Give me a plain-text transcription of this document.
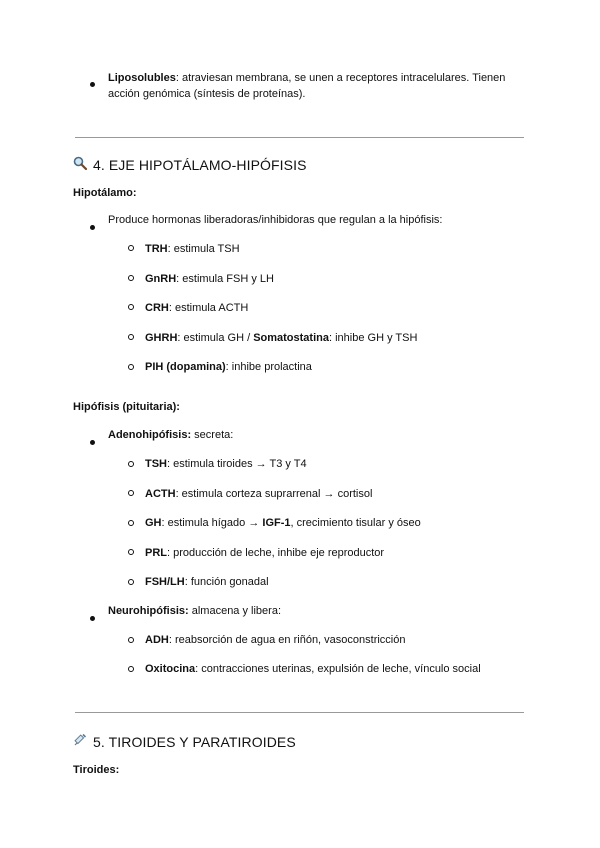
Liposolubles: atraviesan membrana, se unen a receptores intracelulares. Tienen
acción genómica (síntesis de proteínas).
4. EJE HIPOTÁLAMO-HIPÓFISIS
Hipotálamo:
Produce hormonas liberadoras/inhibidoras que regulan a la hipófisis:
TRH: estimula TSH
GnRH: estimula FSH y LH
CRH: estimula ACTH
GHRH: estimula GH / Somatostatina: inhibe GH y TSH
PIH (dopamina): inhibe prolactina
Hipófisis (pituitaria):
Adenohipófisis: secreta:
TSH: estimula tiroides → T3 y T4
ACTH: estimula corteza suprarrenal → cortisol
GH: estimula hígado → IGF-1, crecimiento tisular y óseo
PRL: producción de leche, inhibe eje reproductor
FSH/LH: función gonadal
Neurohipófisis: almacena y libera:
ADH: reabsorción de agua en riñón, vasoconstricción
Oxitocina: contracciones uterinas, expulsión de leche, vínculo social
5. TIROIDES Y PARATIROIDES
Tiroides:
